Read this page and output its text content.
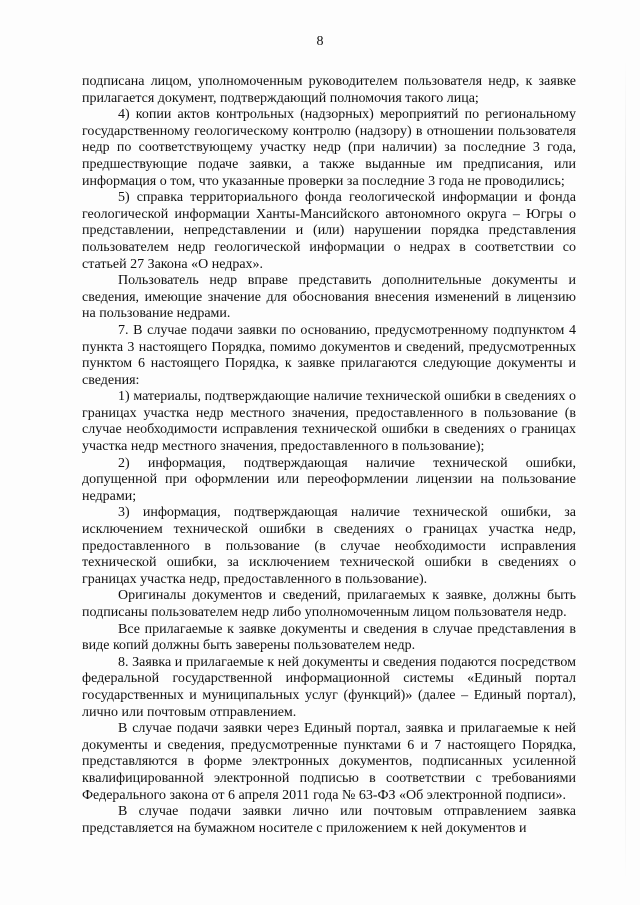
8

подписана лицом, уполномоченным руководителем пользователя недр, к заявке прилагается документ, подтверждающий полномочия такого лица;

4) копии актов контрольных (надзорных) мероприятий по региональному государственному геологическому контролю (надзору) в отношении пользователя недр по соответствующему участку недр (при наличии) за последние 3 года, предшествующие подаче заявки, а также выданные им предписания, или информация о том, что указанные проверки за последние 3 года не проводились;

5) справка территориального фонда геологической информации и фонда геологической информации Ханты-Мансийского автономного округа – Югры о представлении, непредставлении и (или) нарушении порядка представления пользователем недр геологической информации о недрах в соответствии со статьей 27 Закона «О недрах».

Пользователь недр вправе представить дополнительные документы и сведения, имеющие значение для обоснования внесения изменений в лицензию на пользование недрами.

7. В случае подачи заявки по основанию, предусмотренному подпунктом 4 пункта 3 настоящего Порядка, помимо документов и сведений, предусмотренных пунктом 6 настоящего Порядка, к заявке прилагаются следующие документы и сведения:

1) материалы, подтверждающие наличие технической ошибки в сведениях о границах участка недр местного значения, предоставленного в пользование (в случае необходимости исправления технической ошибки в сведениях о границах участка недр местного значения, предоставленного в пользование);

2) информация, подтверждающая наличие технической ошибки, допущенной при оформлении или переоформлении лицензии на пользование недрами;

3) информация, подтверждающая наличие технической ошибки, за исключением технической ошибки в сведениях о границах участка недр, предоставленного в пользование (в случае необходимости исправления технической ошибки, за исключением технической ошибки в сведениях о границах участка недр, предоставленного в пользование).

Оригиналы документов и сведений, прилагаемых к заявке, должны быть подписаны пользователем недр либо уполномоченным лицом пользователя недр.

Все прилагаемые к заявке документы и сведения в случае представления в виде копий должны быть заверены пользователем недр.

8. Заявка и прилагаемые к ней документы и сведения подаются посредством федеральной государственной информационной системы «Единый портал государственных и муниципальных услуг (функций)» (далее – Единый портал), лично или почтовым отправлением.

В случае подачи заявки через Единый портал, заявка и прилагаемые к ней документы и сведения, предусмотренные пунктами 6 и 7 настоящего Порядка, представляются в форме электронных документов, подписанных усиленной квалифицированной электронной подписью в соответствии с требованиями Федерального закона от 6 апреля 2011 года № 63-ФЗ «Об электронной подписи».

В случае подачи заявки лично или почтовым отправлением заявка представляется на бумажном носителе с приложением к ней документов и
